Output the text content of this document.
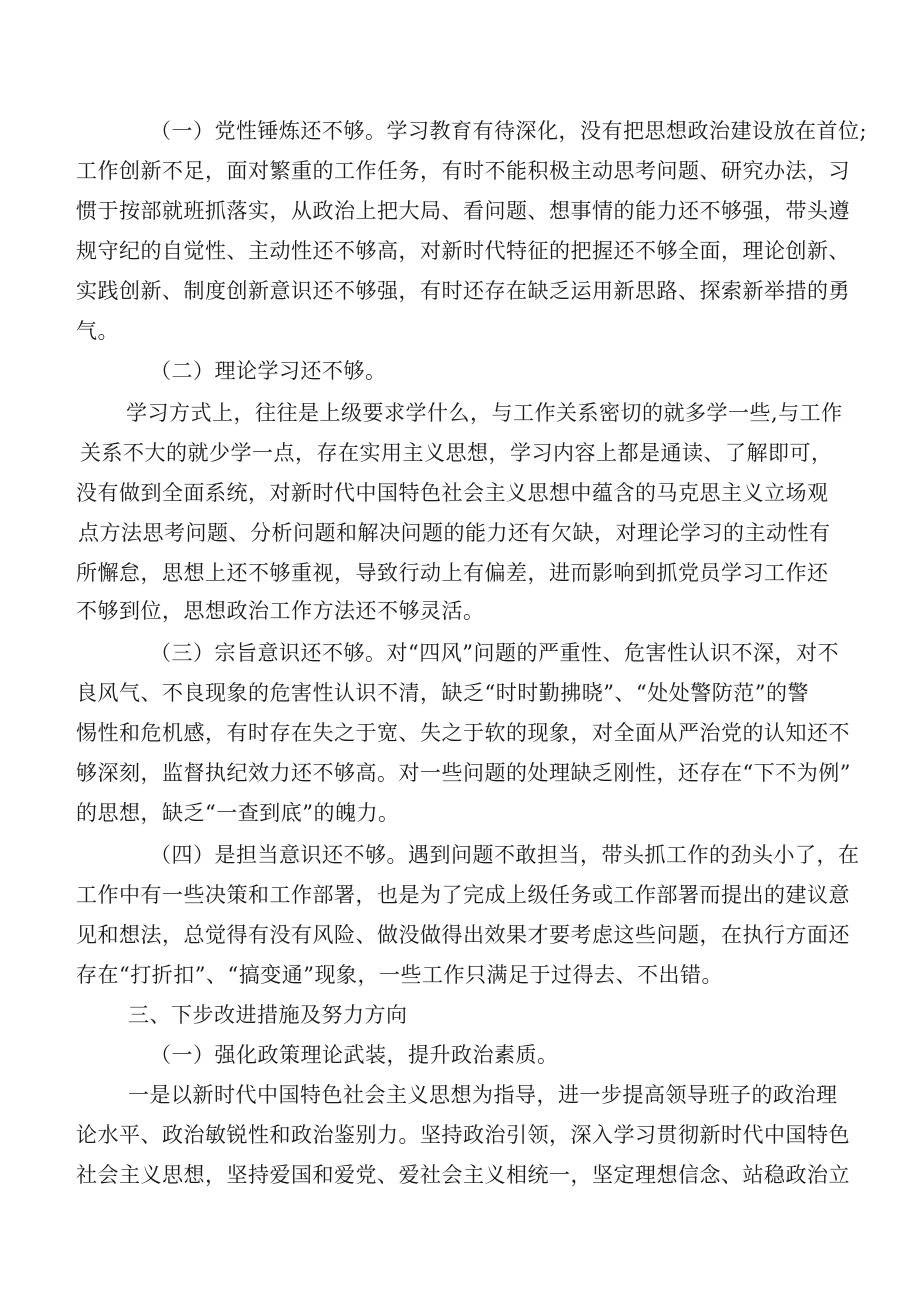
（一）党性锤炼还不够。学习教育有待深化，没有把思想政治建设放在首位;
工作创新不足，面对繁重的工作任务，有时不能积极主动思考问题、研究办法，习
惯于按部就班抓落实，从政治上把大局、看问题、想事情的能力还不够强，带头遵
规守纪的自觉性、主动性还不够高，对新时代特征的把握还不够全面，理论创新、
实践创新、制度创新意识还不够强，有时还存在缺乏运用新思路、探索新举措的勇
气。
（二）理论学习还不够。
学习方式上，往往是上级要求学什么，与工作关系密切的就多学一些,与工作
关系不大的就少学一点，存在实用主义思想，学习内容上都是通读、了解即可，
没有做到全面系统，对新时代中国特色社会主义思想中蕴含的马克思主义立场观
点方法思考问题、分析问题和解决问题的能力还有欠缺，对理论学习的主动性有
所懈怠，思想上还不够重视，导致行动上有偏差，进而影响到抓党员学习工作还
不够到位，思想政治工作方法还不够灵活。
（三）宗旨意识还不够。对“四风”问题的严重性、危害性认识不深，对不
良风气、不良现象的危害性认识不清，缺乏“时时勤拂晓”、“处处警防范”的警
惕性和危机感，有时存在失之于宽、失之于软的现象，对全面从严治党的认知还不
够深刻，监督执纪效力还不够高。对一些问题的处理缺乏刚性，还存在“下不为例”
的思想，缺乏“一查到底”的魄力。
（四）是担当意识还不够。遇到问题不敢担当，带头抓工作的劲头小了，在
工作中有一些决策和工作部署，也是为了完成上级任务或工作部署而提出的建议意
见和想法，总觉得有没有风险、做没做得出效果才要考虑这些问题，在执行方面还
存在“打折扣”、“搞变通”现象，一些工作只满足于过得去、不出错。
三、下步改进措施及努力方向
（一）强化政策理论武装，提升政治素质。
一是以新时代中国特色社会主义思想为指导，进一步提高领导班子的政治理
论水平、政治敏锐性和政治鉴别力。坚持政治引领，深入学习贯彻新时代中国特色
社会主义思想，坚持爱国和爱党、爱社会主义相统一，坚定理想信念、站稳政治立
